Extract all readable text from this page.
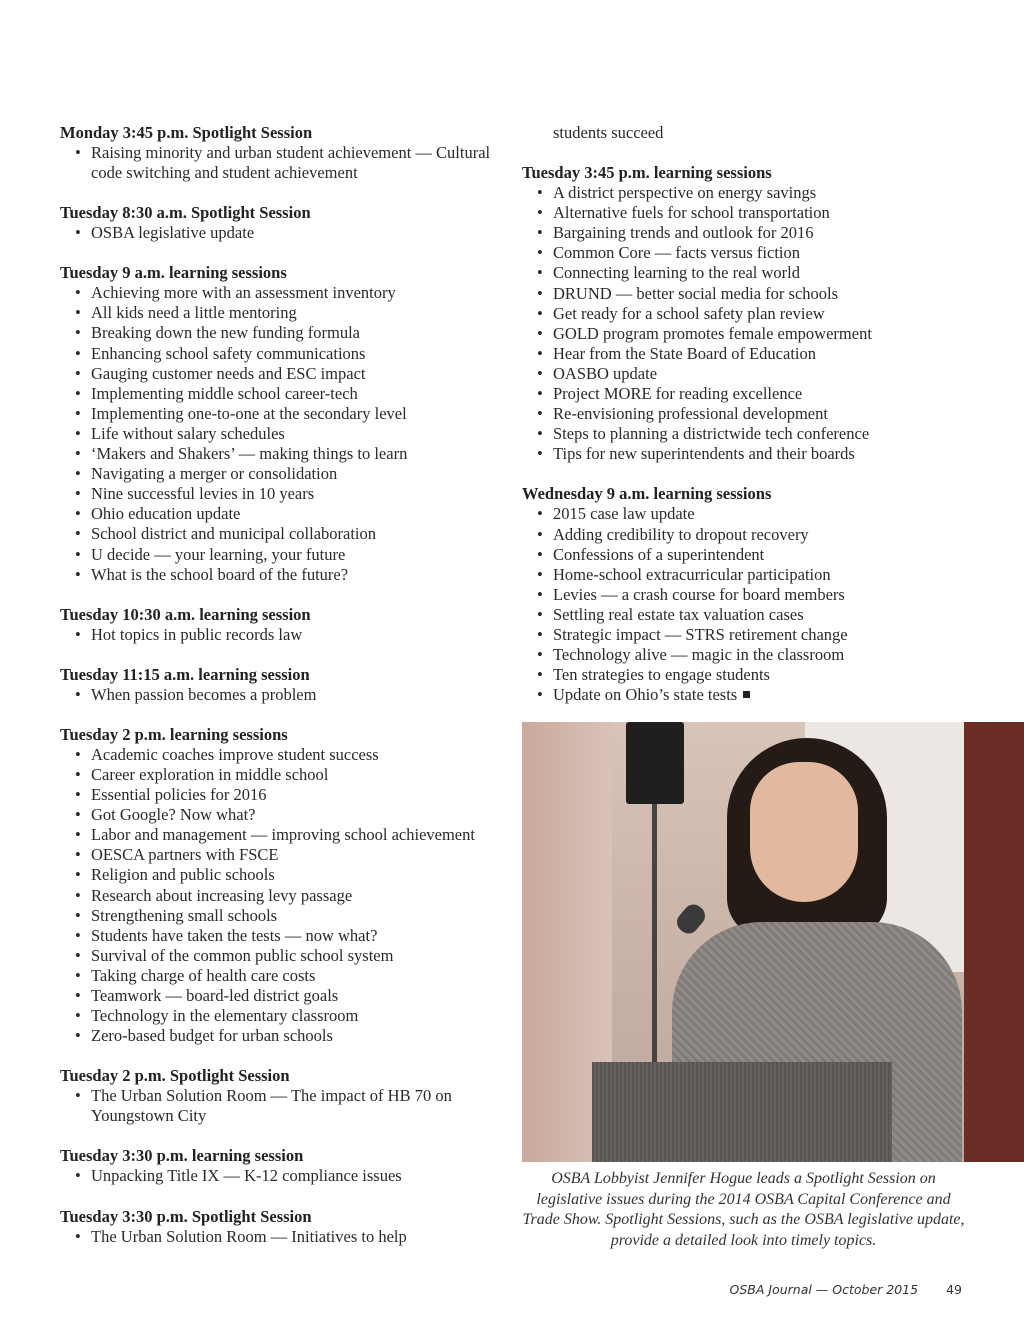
Monday 3:45 p.m. Spotlight Session
• Raising minority and urban student achievement — Cultural code switching and student achievement
Tuesday 8:30 a.m. Spotlight Session
• OSBA legislative update
Tuesday 9 a.m. learning sessions
• Achieving more with an assessment inventory
• All kids need a little mentoring
• Breaking down the new funding formula
• Enhancing school safety communications
• Gauging customer needs and ESC impact
• Implementing middle school career-tech
• Implementing one-to-one at the secondary level
• Life without salary schedules
• ‘Makers and Shakers’ — making things to learn
• Navigating a merger or consolidation
• Nine successful levies in 10 years
• Ohio education update
• School district and municipal collaboration
• U decide — your learning, your future
• What is the school board of the future?
Tuesday 10:30 a.m. learning session
• Hot topics in public records law
Tuesday 11:15 a.m. learning session
• When passion becomes a problem
Tuesday 2 p.m. learning sessions
• Academic coaches improve student success
• Career exploration in middle school
• Essential policies for 2016
• Got Google? Now what?
• Labor and management — improving school achievement
• OESCA partners with FSCE
• Religion and public schools
• Research about increasing levy passage
• Strengthening small schools
• Students have taken the tests — now what?
• Survival of the common public school system
• Taking charge of health care costs
• Teamwork — board-led district goals
• Technology in the elementary classroom
• Zero-based budget for urban schools
Tuesday 2 p.m. Spotlight Session
• The Urban Solution Room — The impact of HB 70 on Youngstown City
Tuesday 3:30 p.m. learning session
• Unpacking Title IX — K-12 compliance issues
Tuesday 3:30 p.m. Spotlight Session
• The Urban Solution Room — Initiatives to help
students succeed
Tuesday 3:45 p.m. learning sessions
• A district perspective on energy savings
• Alternative fuels for school transportation
• Bargaining trends and outlook for 2016
• Common Core — facts versus fiction
• Connecting learning to the real world
• DRUND — better social media for schools
• Get ready for a school safety plan review
• GOLD program promotes female empowerment
• Hear from the State Board of Education
• OASBO update
• Project MORE for reading excellence
• Re-envisioning professional development
• Steps to planning a districtwide tech conference
• Tips for new superintendents and their boards
Wednesday 9 a.m. learning sessions
• 2015 case law update
• Adding credibility to dropout recovery
• Confessions of a superintendent
• Home-school extracurricular participation
• Levies — a crash course for board members
• Settling real estate tax valuation cases
• Strategic impact — STRS retirement change
• Technology alive — magic in the classroom
• Ten strategies to engage students
• Update on Ohio’s state tests
OSBA Lobbyist Jennifer Hogue leads a Spotlight Session on legislative issues during the 2014 OSBA Capital Conference and Trade Show. Spotlight Sessions, such as the OSBA legislative update, provide a detailed look into timely topics.
OSBA Journal — October 2015 49
